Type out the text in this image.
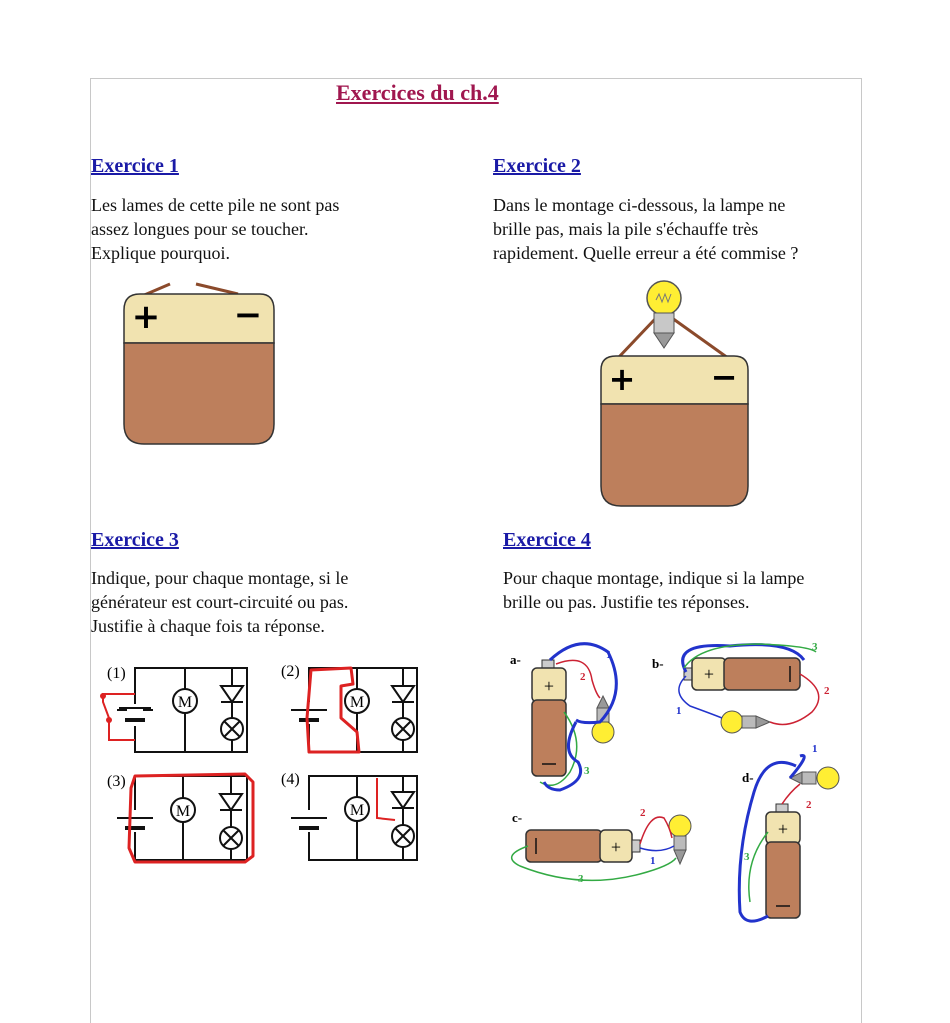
Exercices du ch.4
Exercice 1
Les lames de cette pile ne sont pas
assez longues pour se toucher.
Explique pourquoi.
+ −
Exercice 2
Dans le montage ci-dessous, la lampe ne
brille pas, mais la pile s'échauffe très
rapidement. Quelle erreur a été commise ?
+ −
Exercice 3
Indique, pour chaque montage, si le
générateur est court-circuité ou pas.
Justifie à chaque fois ta réponse.
(1)
M
(2)
M
(3)
M
(4)
M
Exercice 4
Pour chaque montage, indique si la lampe
brille ou pas. Justifie tes réponses.
a-
+
1
2
3
b-
+
3
2
1
c-
+
2
1
3
d-
+
1
2
3
